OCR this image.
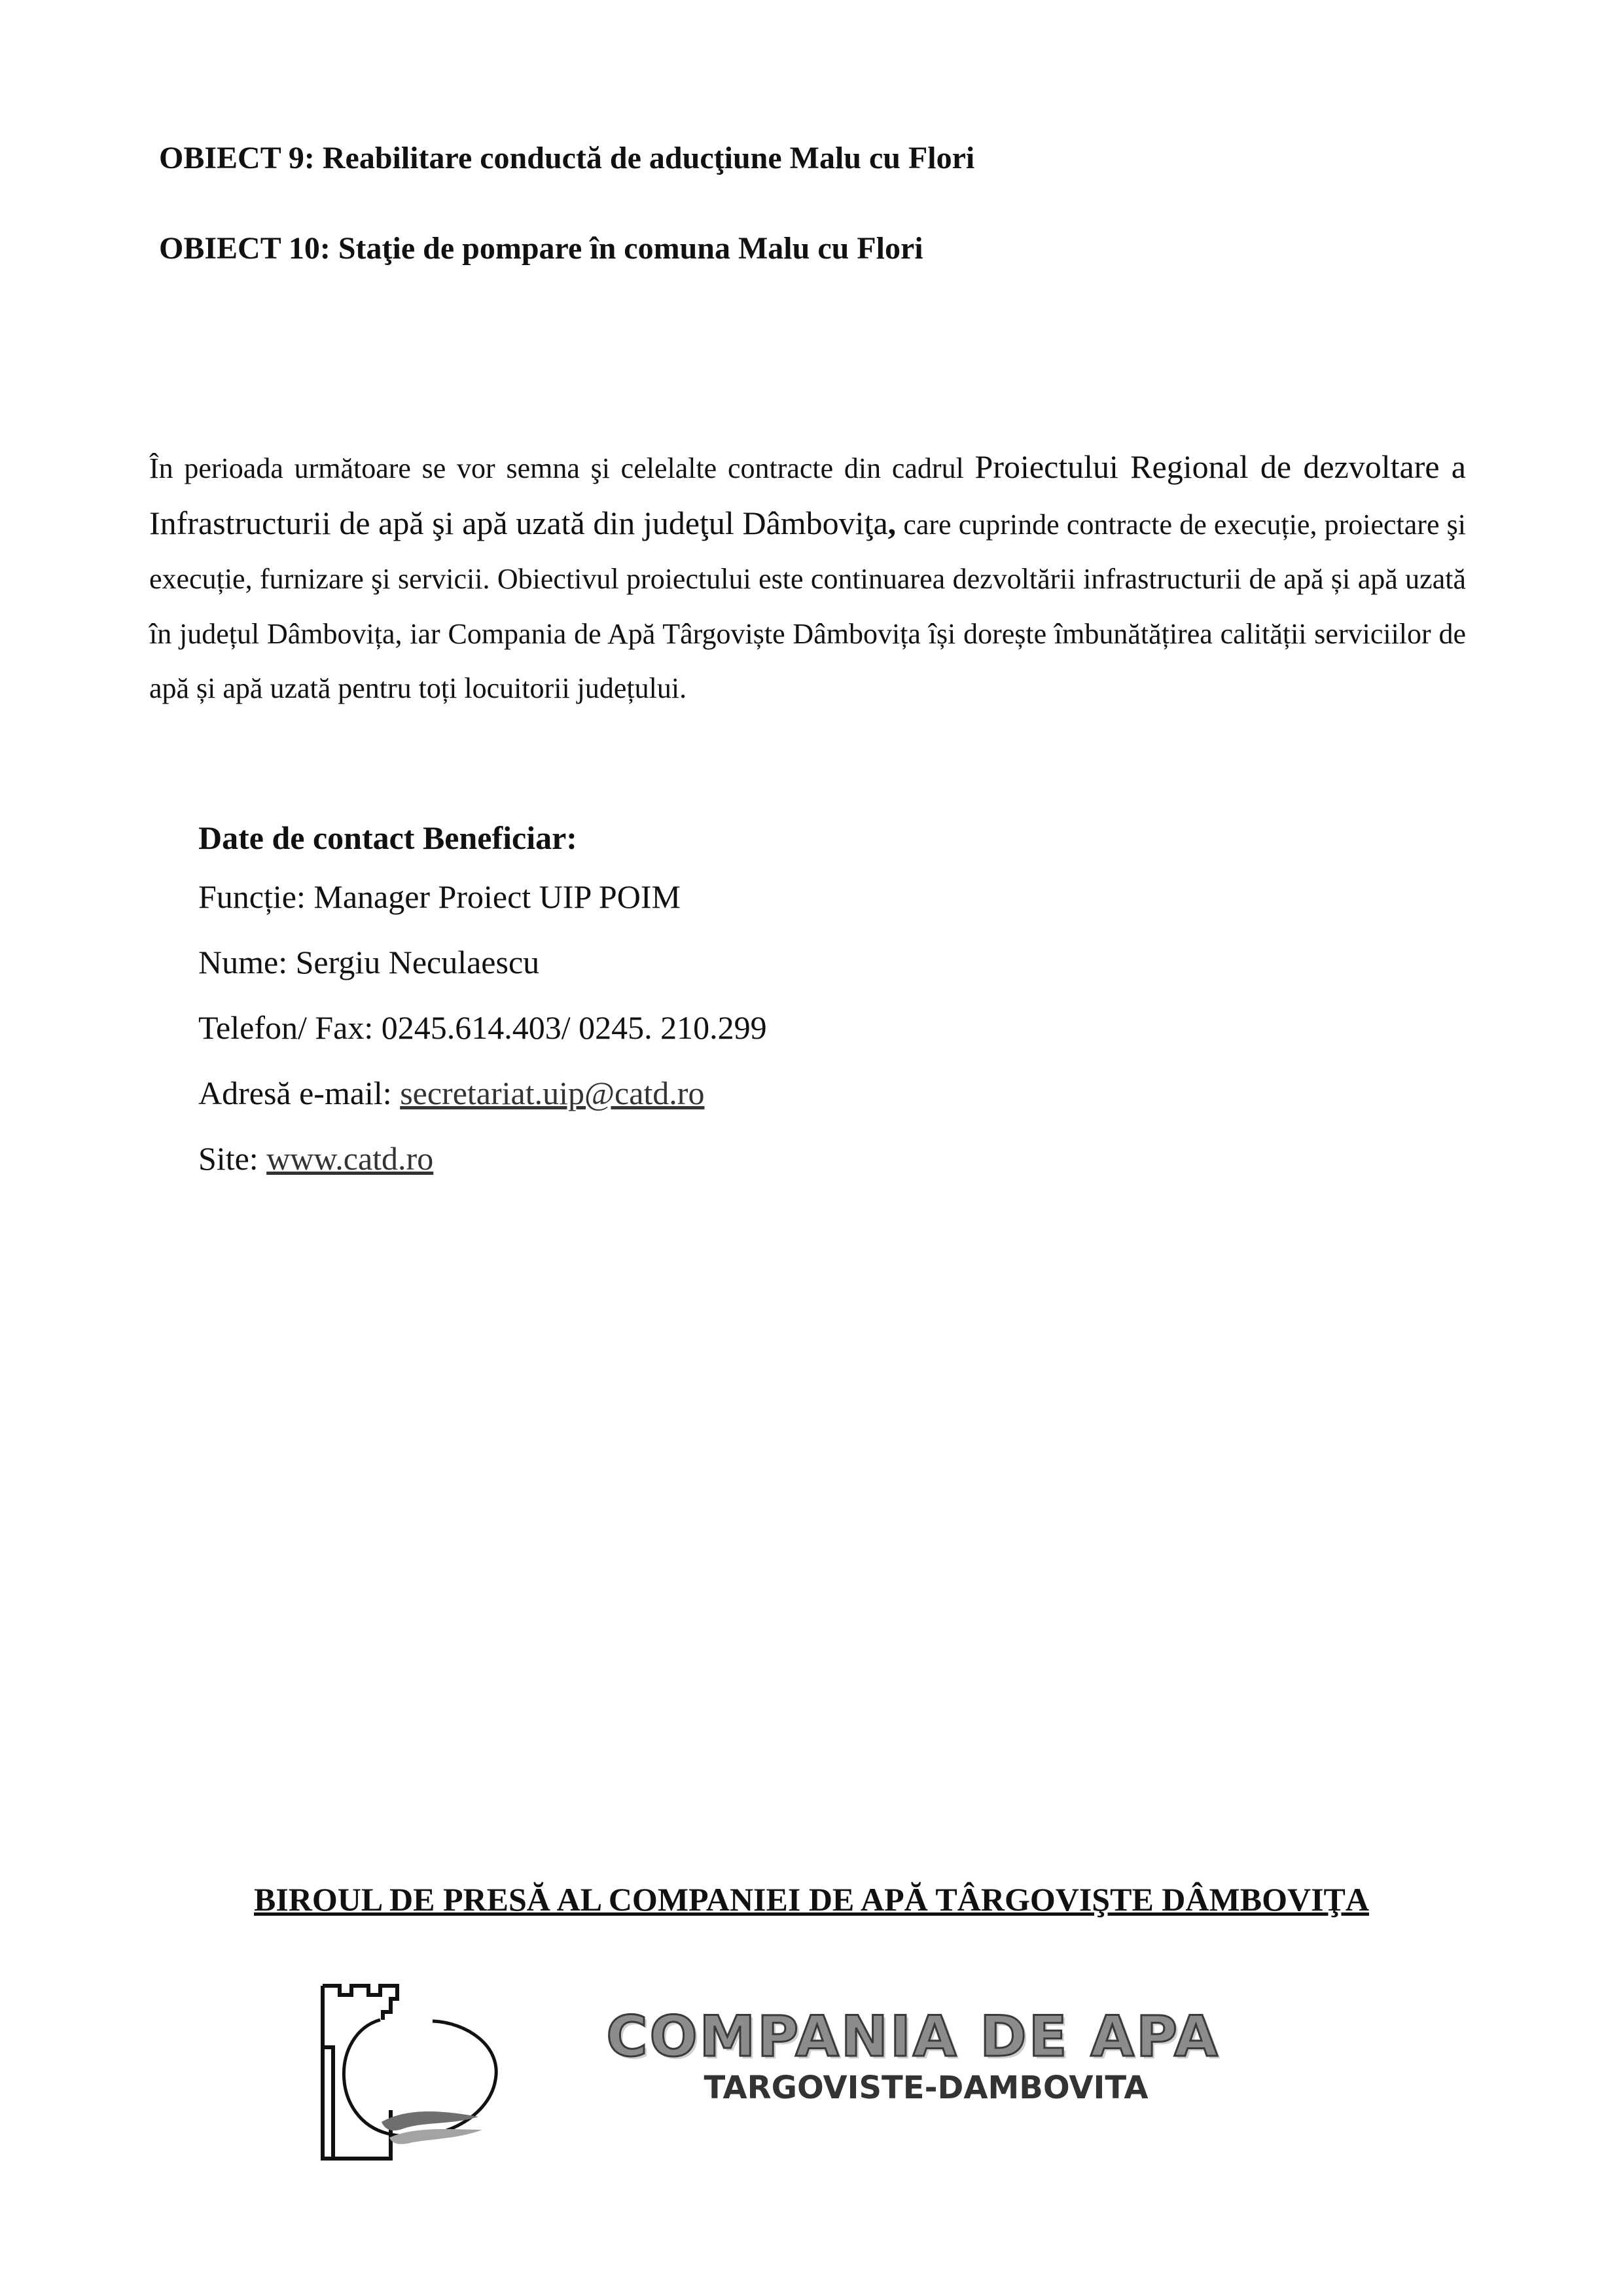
OBIECT 9: Reabilitare conductă de aducţiune Malu cu Flori

OBIECT 10: Staţie de pompare în comuna Malu cu Flori

În perioada următoare se vor semna şi celelalte contracte din cadrul Proiectului Regional de dezvoltare a Infrastructurii de apă şi apă uzată din judeţul Dâmboviţa, care cuprinde contracte de execuție, proiectare şi execuție, furnizare şi servicii. Obiectivul proiectului este continuarea dezvoltării infrastructurii de apă și apă uzată în județul Dâmbovița, iar Compania de Apă Târgoviște Dâmbovița își dorește îmbunătățirea calității serviciilor de apă și apă uzată pentru toți locuitorii județului.

Date de contact Beneficiar:

Funcție: Manager Proiect UIP POIM

Nume: Sergiu Neculaescu

Telefon/ Fax: 0245.614.403/ 0245. 210.299

Adresă e-mail: secretariat.uip@catd.ro

Site: www.catd.ro

BIROUL DE PRESĂ AL COMPANIEI DE APĂ TÂRGOVIŞTE DÂMBOVIŢA

COMPANIA DE APA
TARGOVISTE-DAMBOVITA
